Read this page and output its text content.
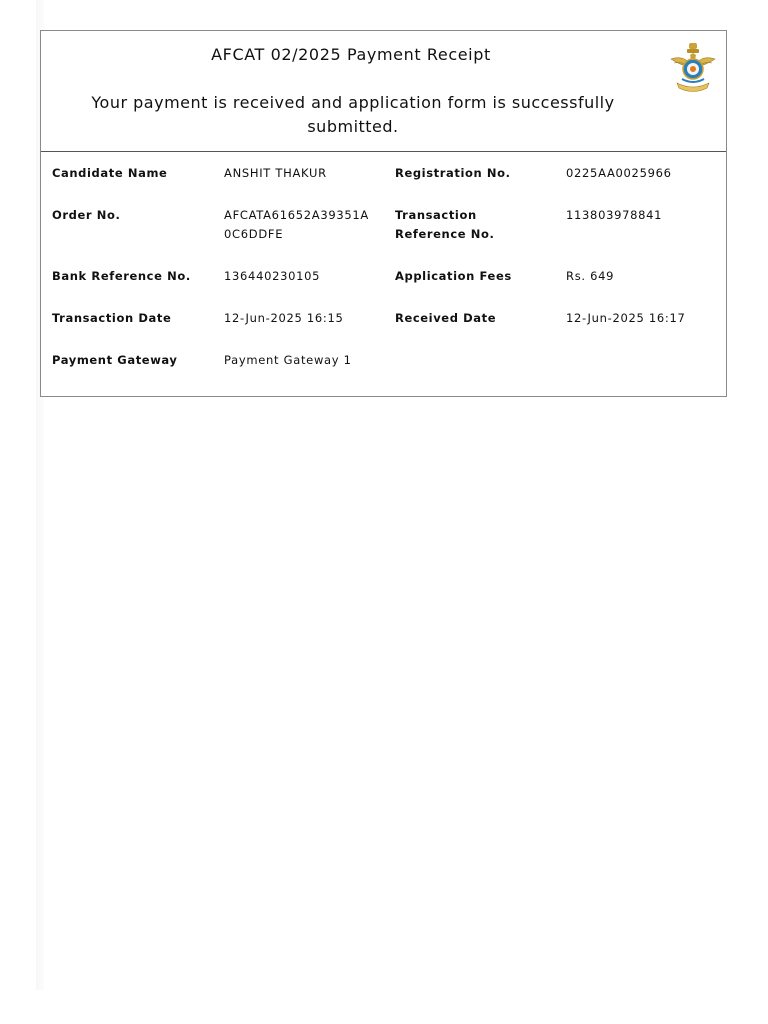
AFCAT 02/2025 Payment Receipt
Your payment is received and application form is successfully submitted.
Candidate Name	ANSHIT THAKUR	Registration No.	0225AA0025966
Order No.	AFCATA61652A39351A0C6DDFE	Transaction Reference No.	113803978841
Bank Reference No.	136440230105	Application Fees	Rs. 649
Transaction Date	12-Jun-2025 16:15	Received Date	12-Jun-2025 16:17
Payment Gateway	Payment Gateway 1		
